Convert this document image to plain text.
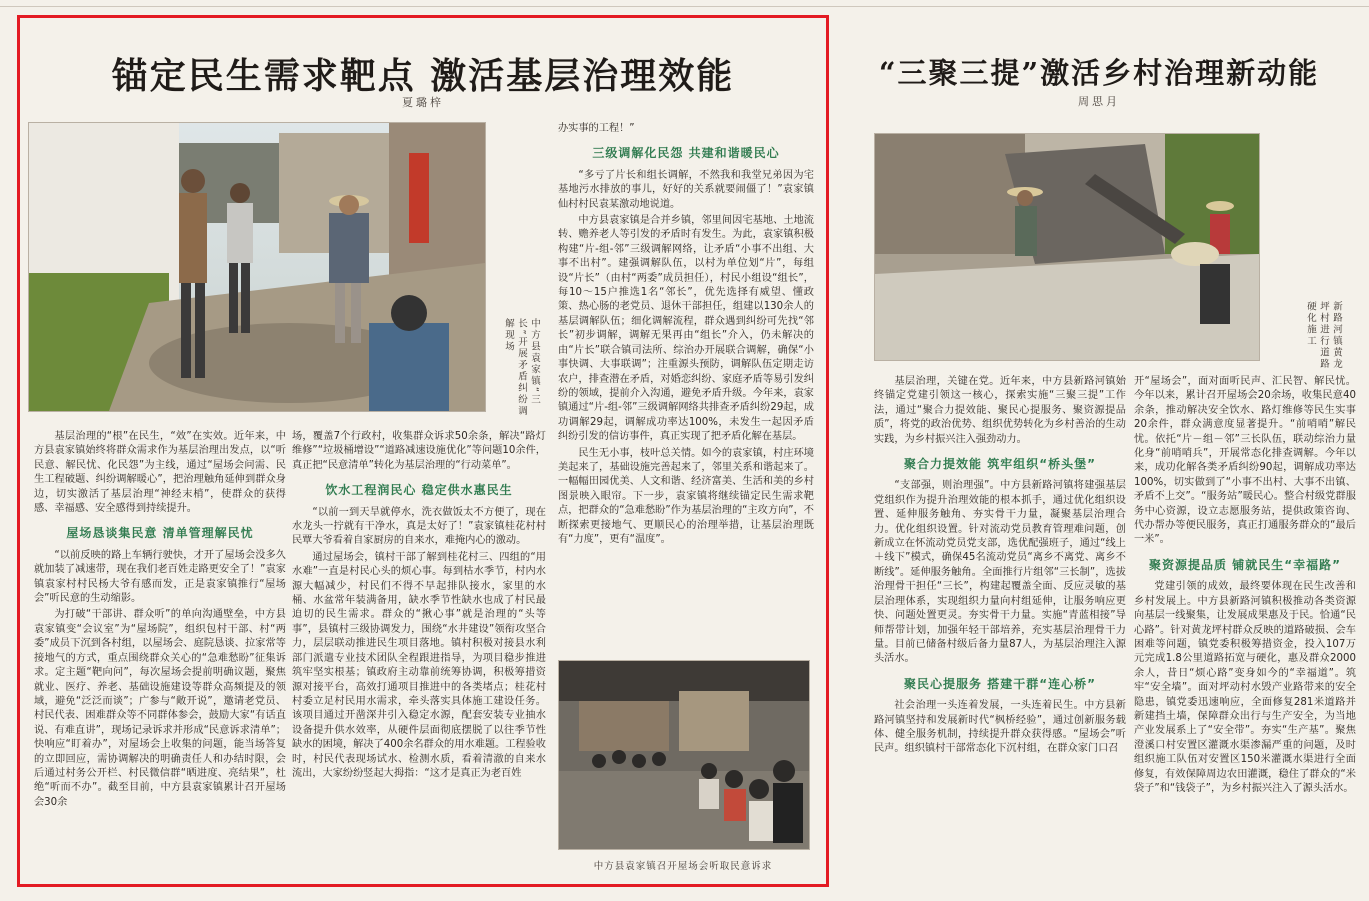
锚定民生需求靶点 激活基层治理效能
夏璐梓
中方县袁家镇“三长”开展矛盾纠纷调解现场

基层治理的“根”在民生，“效”在实效。近年来，中方县袁家镇始终将群众需求作为基层治理出发点，以“听民意、解民忧、化民怨”为主线，通过“屋场会问需、民生工程破题、纠纷调解暖心”，把治理触角延伸到群众身边，切实激活了基层治理“神经末梢”，使群众的获得感、幸福感、安全感得到持续提升。

屋场恳谈集民意 清单管理解民忧

“以前反映的路上车辆行驶快，才开了屋场会没多久就加装了减速带，现在我们老百姓走路更安全了！”袁家镇袁家村村民杨大爷有感而发，正是袁家镇推行“屋场会”听民意的生动缩影。

为打破“干部讲、群众听”的单向沟通壁垒，中方县袁家镇变“会议室”为“屋场院”，组织包村干部、村“两委”成员下沉到各村组，以屋场会、庭院恳谈、拉家常等接地气的方式，重点围绕群众关心的“急难愁盼”征集诉求。定主题“靶向问”，每次屋场会提前明确议题，聚焦就业、医疗、养老、基础设施建设等群众高频提及的领域，避免“泛泛而谈”；广参与“敞开说”，邀请老党员、村民代表、困难群众等不同群体参会，鼓励大家“有话直说、有难直讲”，现场记录诉求并形成“民意诉求清单”；快响应“盯着办”，对屋场会上收集的问题，能当场答复的立即回应，需协调解决的明确责任人和办结时限，会后通过村务公开栏、村民微信群“晒进度、亮结果”，杜绝“听而不办”。截至目前，中方县袁家镇累计召开屋场会30余

场，覆盖7个行政村，收集群众诉求50余条，解决“路灯维修”“垃圾桶增设”“道路减速设施优化”等问题10余件，真正把“民意清单”转化为基层治理的“行动菜单”。

饮水工程润民心 稳定供水惠民生

“以前一到天旱就停水，洗衣做饭太不方便了，现在水龙头一拧就有干净水，真是太好了！”袁家镇桂花村村民覃大爷看着自家厨房的自来水，难掩内心的激动。

通过屋场会，镇村干部了解到桂花村三、四组的“用水难”一直是村民心头的烦心事。每到枯水季节，村内水源大幅减少，村民们不得不早起排队接水，家里的水桶、水盆常年装满备用，缺水季节性缺水也成了村民最迫切的民生需求。群众的“揪心事”就是治理的“头等事”，县镇村三级协调发力，围绕“水井建设”领衔攻坚合力，层层联动推进民生项目落地。镇村积极对接县水利部门派遣专业技术团队全程跟进指导，为项目稳步推进筑牢坚实根基；镇政府主动靠前统筹协调，积极筹措资源对接平台，高效打通项目推进中的各类堵点；桂花村村委立足村民用水需求，牵头落实具体施工建设任务。该项目通过开凿深井引入稳定水源，配套安装专业抽水设备提升供水效率，从硬件层面彻底摆脱了以往季节性缺水的困境，解决了400余名群众的用水难题。工程验收时，村民代表现场试水、检测水质，看着清澈的自来水流出，大家纷纷竖起大拇指：“这才是真正为老百姓

办实事的工程！”

三级调解化民怨 共建和谐暖民心

“多亏了片长和组长调解，不然我和我堂兄弟因为宅基地污水排放的事儿，好好的关系就要闹僵了！”袁家镇仙村村民袁某激动地说道。

中方县袁家镇是合并乡镇，邻里间因宅基地、土地流转、赡养老人等引发的矛盾时有发生。为此，袁家镇积极构建“片-组-邻”三级调解网络，让矛盾“小事不出组、大事不出村”。建强调解队伍，以村为单位划“片”，每组设“片长”（由村“两委”成员担任），村民小组设“组长”，每10～15户推选1名“邻长”，优先选择有威望、懂政策、热心肠的老党员、退休干部担任，组建以130余人的基层调解队伍；细化调解流程，群众遇到纠纷可先找“邻长”初步调解，调解无果再由“组长”介入，仍未解决的由“片长”联合镇司法所、综治办开展联合调解，确保“小事快调、大事联调”；注重源头预防，调解队伍定期走访农户，排查潜在矛盾，对婚恋纠纷、家庭矛盾等易引发纠纷的领域，提前介入沟通，避免矛盾升级。今年来，袁家镇通过“片-组-邻”三级调解网络共排查矛盾纠纷29起，成功调解29起，调解成功率达100%，未发生一起因矛盾纠纷引发的信访事件，真正实现了把矛盾化解在基层。

民生无小事，枝叶总关情。如今的袁家镇，村庄环境美起来了，基础设施完善起来了，邻里关系和谐起来了。一幅幅田园优美、人文和谐、经济富美、生活和美的乡村图景映入眼帘。下一步，袁家镇将继续锚定民生需求靶点，把群众的“急难愁盼”作为基层治理的“主攻方向”，不断探索更接地气、更顺民心的治理举措，让基层治理既有“力度”，更有“温度”。

中方县袁家镇召开屋场会听取民意诉求
“三聚三提”激活乡村治理新动能
周思月
新路河镇黄龙坪村进行道路硬化施工

基层治理，关键在党。近年来，中方县新路河镇始终锚定党建引领这一核心，探索实施“三聚三提”工作法，通过“聚合力提效能、聚民心提服务、聚资源提品质”，将党的政治优势、组织优势转化为乡村善治的生动实践，为乡村振兴注入强劲动力。

聚合力提效能 筑牢组织“桥头堡”

“支部强，则治理强”。中方县新路河镇将建强基层党组织作为提升治理效能的根本抓手，通过优化组织设置、延伸服务触角、夯实骨干力量，凝聚基层治理合力。优化组织设置。针对流动党员教育管理难问题，创新成立在怀流动党员党支部，选优配强班子，通过“线上＋线下”模式，确保45名流动党员“离乡不离党、离乡不断线”。延伸服务触角。全面推行片组邻“三长制”，选拔治理骨干担任“三长”，构建起覆盖全面、反应灵敏的基层治理体系，实现组织力量向村组延伸，让服务响应更快、问题处置更灵。夯实骨干力量。实施“青蓝相接”导师帮带计划，加强年轻干部培养，充实基层治理骨干力量。目前已储备村级后备力量87人，为基层治理注入源头活水。

聚民心提服务 搭建干群“连心桥”

社会治理一头连着发展，一头连着民生。中方县新路河镇坚持和发展新时代“枫桥经验”，通过创新服务载体、健全服务机制，持续提升群众获得感。“屋场会”听民声。组织镇村干部常态化下沉村组，在群众家门口召

开“屋场会”，面对面听民声、汇民智、解民忧。今年以来，累计召开屋场会20余场，收集民意40余条，推动解决安全饮水、路灯维修等民生实事20余件，群众满意度显著提升。“前哨哨”解民忧。依托“片－组－邻”三长队伍，联动综治力量化身“前哨哨兵”，开展常态化排查调解。今年以来，成功化解各类矛盾纠纷90起，调解成功率达100%，切实做到了“小事不出村、大事不出镇、矛盾不上交”。“服务站”暖民心。整合村级党群服务中心资源，设立志愿服务站，提供政策咨询、代办帮办等便民服务，真正打通服务群众的“最后一米”。

聚资源提品质 铺就民生“幸福路”

党建引领的成效，最终要体现在民生改善和乡村发展上。中方县新路河镇积极推动各类资源向基层一线聚集，让发展成果惠及于民。恰通“民心路”。针对黄龙坪村群众反映的道路破损、会车困难等问题，镇党委积极筹措资金，投入107万元完成1.8公里道路拓宽与硬化，惠及群众2000余人，昔日“烦心路”变身如今的“幸福道”。筑牢“安全墙”。面对坪动村水毁产业路带来的安全隐患，镇党委迅速响应，全面修复281米道路并新建挡土墙，保障群众出行与生产安全，为当地产业发展系上了“安全带”。夯实“生产基”。聚焦澄溪口村安置区灌溉水渠渗漏严重的问题，及时组织施工队伍对安置区150米灌溉水渠进行全面修复，有效保障周边农田灌溉，稳住了群众的“米袋子”和“钱袋子”，为乡村振兴注入了源头活水。
